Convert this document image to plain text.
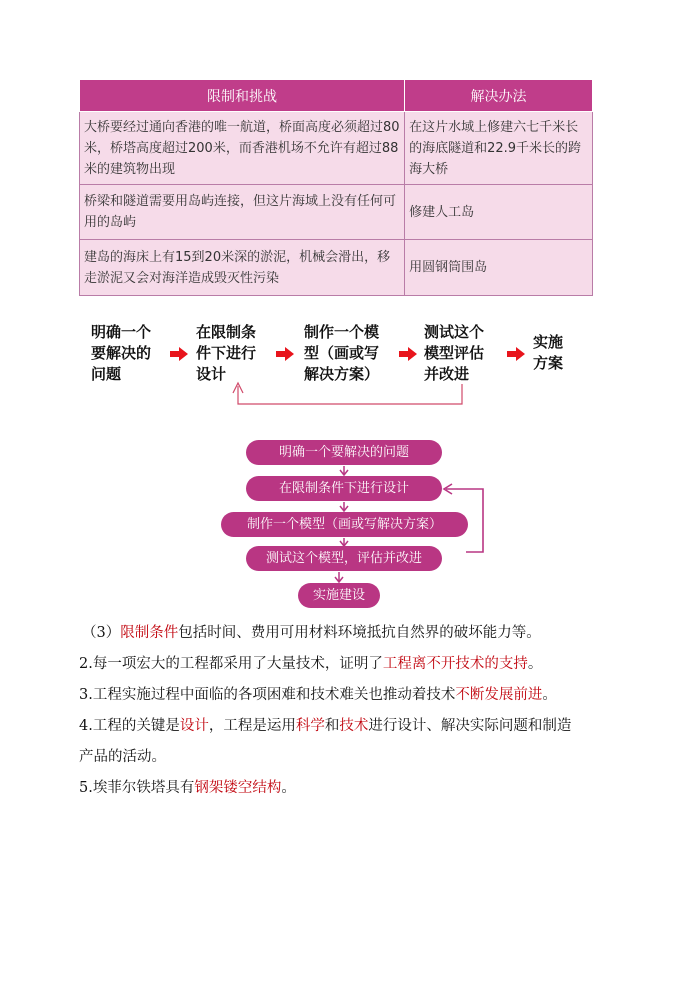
限制和挑战	解决办法
大桥要经过通向香港的唯一航道，桥面高度必须超过80米，桥塔高度超过200米，而香港机场不允许有超过88米的建筑物出现	在这片水域上修建六七千米长的海底隧道和22.9千米长的跨海大桥
桥梁和隧道需要用岛屿连接，但这片海域上没有任何可用的岛屿	修建人工岛
建岛的海床上有15到20米深的淤泥，机械会滑出，移走淤泥又会对海洋造成毁灭性污染	用圆钢筒围岛
明确一个
要解决的
问题
在限制条
件下进行
设计
制作一个模
型（画或写
解决方案）
测试这个
模型评估
并改进
实施
方案
明确一个要解决的问题
在限制条件下进行设计
制作一个模型（画或写解决方案）
测试这个模型，评估并改进
实施建设
（3）限制条件包括时间、费用可用材料环境抵抗自然界的破坏能力等。
2.每一项宏大的工程都采用了大量技术，证明了工程离不开技术的支持。
3.工程实施过程中面临的各项困难和技术难关也推动着技术不断发展前进。
4.工程的关键是设计，工程是运用科学和技术进行设计、解决实际问题和制造
产品的活动。
5.埃菲尔铁塔具有钢架镂空结构。
